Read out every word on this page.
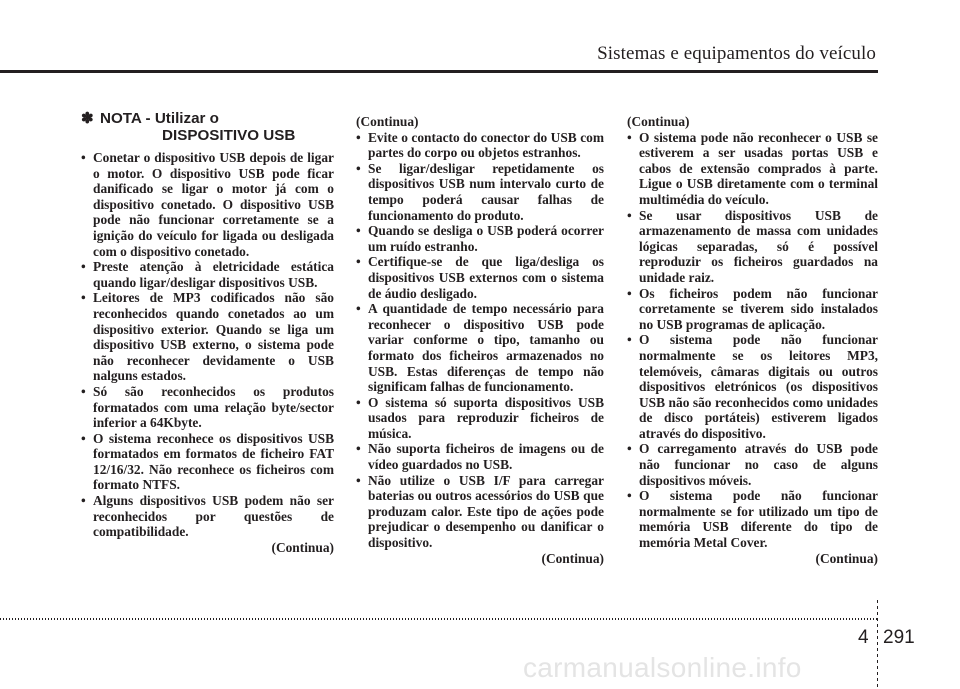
Sistemas e equipamentos do veículo
✽ NOTA - Utilizar o
DISPOSITIVO USB
• Conetar o dispositivo USB depois de ligar o motor. O dispositivo USB pode ficar danificado se ligar o motor já com o dispositivo conetado. O dispositivo USB pode não funcionar corretamente se a ignição do veículo for ligada ou desligada com o dispositivo conetado.
• Preste atenção à eletricidade estática quando ligar/desligar dispositivos USB.
• Leitores de MP3 codificados não são reconhecidos quando conetados ao um dispositivo exterior. Quando se liga um dispositivo USB externo, o sistema pode não reconhecer devidamente o USB nalguns estados.
• Só são reconhecidos os produtos formatados com uma relação byte/sector inferior a 64Kbyte.
• O sistema reconhece os dispositivos USB formatados em formatos de ficheiro FAT 12/16/32. Não reconhece os ficheiros com formato NTFS.
• Alguns dispositivos USB podem não ser reconhecidos por questões de compatibilidade.
(Continua)
(Continua)
• Evite o contacto do conector do USB com partes do corpo ou objetos estranhos.
• Se ligar/desligar repetidamente os dispositivos USB num intervalo curto de tempo poderá causar falhas de funcionamento do produto.
• Quando se desliga o USB poderá ocorrer um ruído estranho.
• Certifique-se de que liga/desliga os dispositivos USB externos com o sistema de áudio desligado.
• A quantidade de tempo necessário para reconhecer o dispositivo USB pode variar conforme o tipo, tamanho ou formato dos ficheiros armazenados no USB. Estas diferenças de tempo não significam falhas de funcionamento.
• O sistema só suporta dispositivos USB usados para reproduzir ficheiros de música.
• Não suporta ficheiros de imagens ou de vídeo guardados no USB.
• Não utilize o USB I/F para carregar baterias ou outros acessórios do USB que produzam calor. Este tipo de ações pode prejudicar o desempenho ou danificar o dispositivo.
(Continua)
(Continua)
• O sistema pode não reconhecer o USB se estiverem a ser usadas portas USB e cabos de extensão comprados à parte. Ligue o USB diretamente com o terminal multimédia do veículo.
• Se usar dispositivos USB de armazenamento de massa com unidades lógicas separadas, só é possível reproduzir os ficheiros guardados na unidade raiz.
• Os ficheiros podem não funcionar corretamente se tiverem sido instalados no USB programas de aplicação.
• O sistema pode não funcionar normalmente se os leitores MP3, telemóveis, câmaras digitais ou outros dispositivos eletrónicos (os dispositivos USB não são reconhecidos como unidades de disco portáteis) estiverem ligados através do dispositivo.
• O carregamento através do USB pode não funcionar no caso de alguns dispositivos móveis.
• O sistema pode não funcionar normalmente se for utilizado um tipo de memória USB diferente do tipo de memória Metal Cover.
(Continua)
4 291
carmanualsonline.info
